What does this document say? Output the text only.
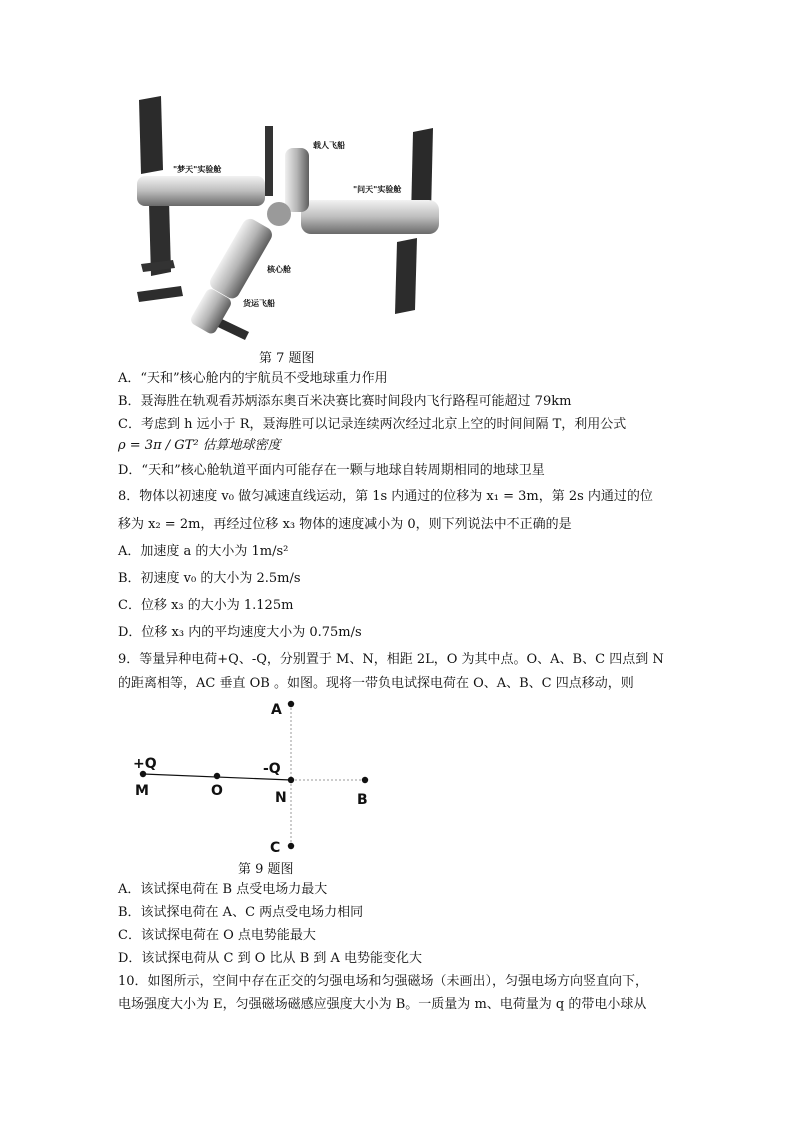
载人飞船
"梦天"实验舱
"问天"实验舱
核心舱
货运飞船
第 7 题图
A．“天和”核心舱内的宇航员不受地球重力作用
B．聂海胜在轨观看苏炳添东奥百米决赛比赛时间段内飞行路程可能超过 79km
C．考虑到 h 远小于 R，聂海胜可以记录连续两次经过北京上空的时间间隔 T，利用公式
ρ = 3π / GT² 估算地球密度
D．“天和”核心舱轨道平面内可能存在一颗与地球自转周期相同的地球卫星
8．物体以初速度 v₀ 做匀减速直线运动，第 1s 内通过的位移为 x₁ = 3m，第 2s 内通过的位
移为 x₂ = 2m，再经过位移 x₃ 物体的速度减小为 0，则下列说法中不正确的是
A．加速度 a 的大小为 1m/s²
B．初速度 v₀ 的大小为 2.5m/s
C．位移 x₃ 的大小为 1.125m
D．位移 x₃ 内的平均速度大小为 0.75m/s
9．等量异种电荷+Q、-Q，分别置于 M、N，相距 2L，O 为其中点。O、A、B、C 四点到 N
的距离相等，AC 垂直 OB 。如图。现将一带负电试探电荷在 O、A、B、C 四点移动，则
A
B
C
M	O	N
+Q	-Q
第 9 题图
A．该试探电荷在 B 点受电场力最大
B．该试探电荷在 A、C 两点受电场力相同
C．该试探电荷在 O 点电势能最大
D．该试探电荷从 C 到 O 比从 B 到 A 电势能变化大
10．如图所示，空间中存在正交的匀强电场和匀强磁场（未画出），匀强电场方向竖直向下，
电场强度大小为 E，匀强磁场磁感应强度大小为 B。一质量为 m、电荷量为 q 的带电小球从
